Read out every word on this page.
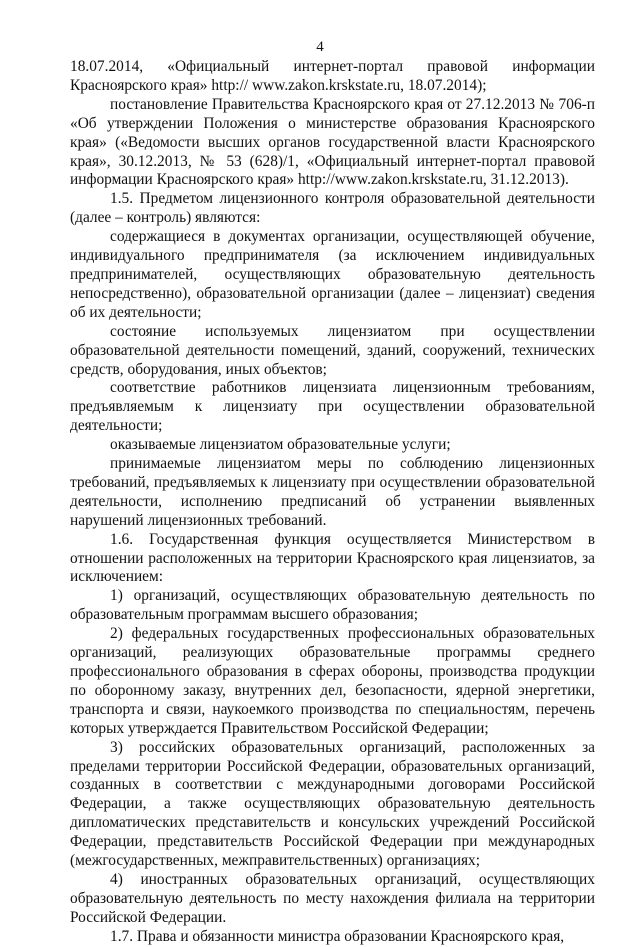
4

18.07.2014, «Официальный интернет-портал правовой информации Красноярского края» http:// www.zakon.krskstate.ru, 18.07.2014);

постановление Правительства Красноярского края от 27.12.2013 № 706-п «Об утверждении Положения о министерстве образования Красноярского края» («Ведомости высших органов государственной власти Красноярского края», 30.12.2013, № 53 (628)/1, «Официальный интернет-портал правовой информации Красноярского края» http://www.zakon.krskstate.ru, 31.12.2013).

1.5. Предметом лицензионного контроля образовательной деятельности (далее – контроль) являются:

содержащиеся в документах организации, осуществляющей обучение, индивидуального предпринимателя (за исключением индивидуальных предпринимателей, осуществляющих образовательную деятельность непосредственно), образовательной организации (далее – лицензиат) сведения об их деятельности;

состояние используемых лицензиатом при осуществлении образовательной деятельности помещений, зданий, сооружений, технических средств, оборудования, иных объектов;

соответствие работников лицензиата лицензионным требованиям, предъявляемым к лицензиату при осуществлении образовательной деятельности;

оказываемые лицензиатом образовательные услуги;

принимаемые лицензиатом меры по соблюдению лицензионных требований, предъявляемых к лицензиату при осуществлении образовательной деятельности, исполнению предписаний об устранении выявленных нарушений лицензионных требований.

1.6. Государственная функция осуществляется Министерством в отношении расположенных на территории Красноярского края лицензиатов, за исключением:

1) организаций, осуществляющих образовательную деятельность по образовательным программам высшего образования;

2) федеральных государственных профессиональных образовательных организаций, реализующих образовательные программы среднего профессионального образования в сферах обороны, производства продукции по оборонному заказу, внутренних дел, безопасности, ядерной энергетики, транспорта и связи, наукоемкого производства по специальностям, перечень которых утверждается Правительством Российской Федерации;

3) российских образовательных организаций, расположенных за пределами территории Российской Федерации, образовательных организаций, созданных в соответствии с международными договорами Российской Федерации, а также осуществляющих образовательную деятельность дипломатических представительств и консульских учреждений Российской Федерации, представительств Российской Федерации при международных (межгосударственных, межправительственных) организациях;

4) иностранных образовательных организаций, осуществляющих образовательную деятельность по месту нахождения филиала на территории Российской Федерации.

1.7. Права и обязанности министра образовании Красноярского края,
